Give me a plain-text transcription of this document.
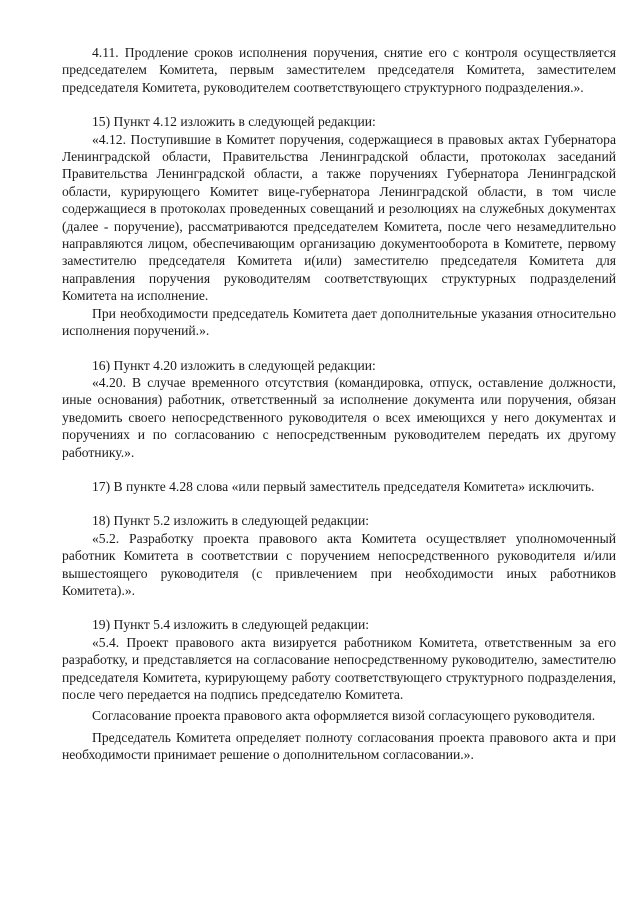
4.11. Продление сроков исполнения поручения, снятие его с контроля осуществляется председателем Комитета, первым заместителем председателя Комитета, заместителем председателя Комитета, руководителем соответствующего структурного подразделения.».

15) Пункт 4.12 изложить в следующей редакции:

«4.12. Поступившие в Комитет поручения, содержащиеся в правовых актах Губернатора Ленинградской области, Правительства Ленинградской области, протоколах заседаний Правительства Ленинградской области, а также поручениях Губернатора Ленинградской области, курирующего Комитет вице-губернатора Ленинградской области, в том числе содержащиеся в протоколах проведенных совещаний и резолюциях на служебных документах (далее - поручение), рассматриваются председателем Комитета, после чего незамедлительно направляются лицом, обеспечивающим организацию документооборота в Комитете, первому заместителю председателя Комитета и(или) заместителю председателя Комитета для направления поручения руководителям соответствующих структурных подразделений Комитета на исполнение.

При необходимости председатель Комитета дает дополнительные указания относительно исполнения поручений.».

16) Пункт 4.20 изложить в следующей редакции:

«4.20. В случае временного отсутствия (командировка, отпуск, оставление должности, иные основания) работник, ответственный за исполнение документа или поручения, обязан уведомить своего непосредственного руководителя о всех имеющихся у него документах и поручениях и по согласованию с непосредственным руководителем передать их другому работнику.».

17) В пункте 4.28 слова «или первый заместитель председателя Комитета» исключить.

18) Пункт 5.2 изложить в следующей редакции:

«5.2. Разработку проекта правового акта Комитета осуществляет уполномоченный работник Комитета в соответствии с поручением непосредственного руководителя и/или вышестоящего руководителя (с привлечением при необходимости иных работников Комитета).».

19) Пункт 5.4 изложить в следующей редакции:

«5.4. Проект правового акта визируется работником Комитета, ответственным за его разработку, и представляется на согласование непосредственному руководителю, заместителю председателя Комитета, курирующему работу соответствующего структурного подразделения, после чего передается на подпись председателю Комитета.

Согласование проекта правового акта оформляется визой согласующего руководителя.

Председатель Комитета определяет полноту согласования проекта правового акта и при необходимости принимает решение о дополнительном согласовании.».
